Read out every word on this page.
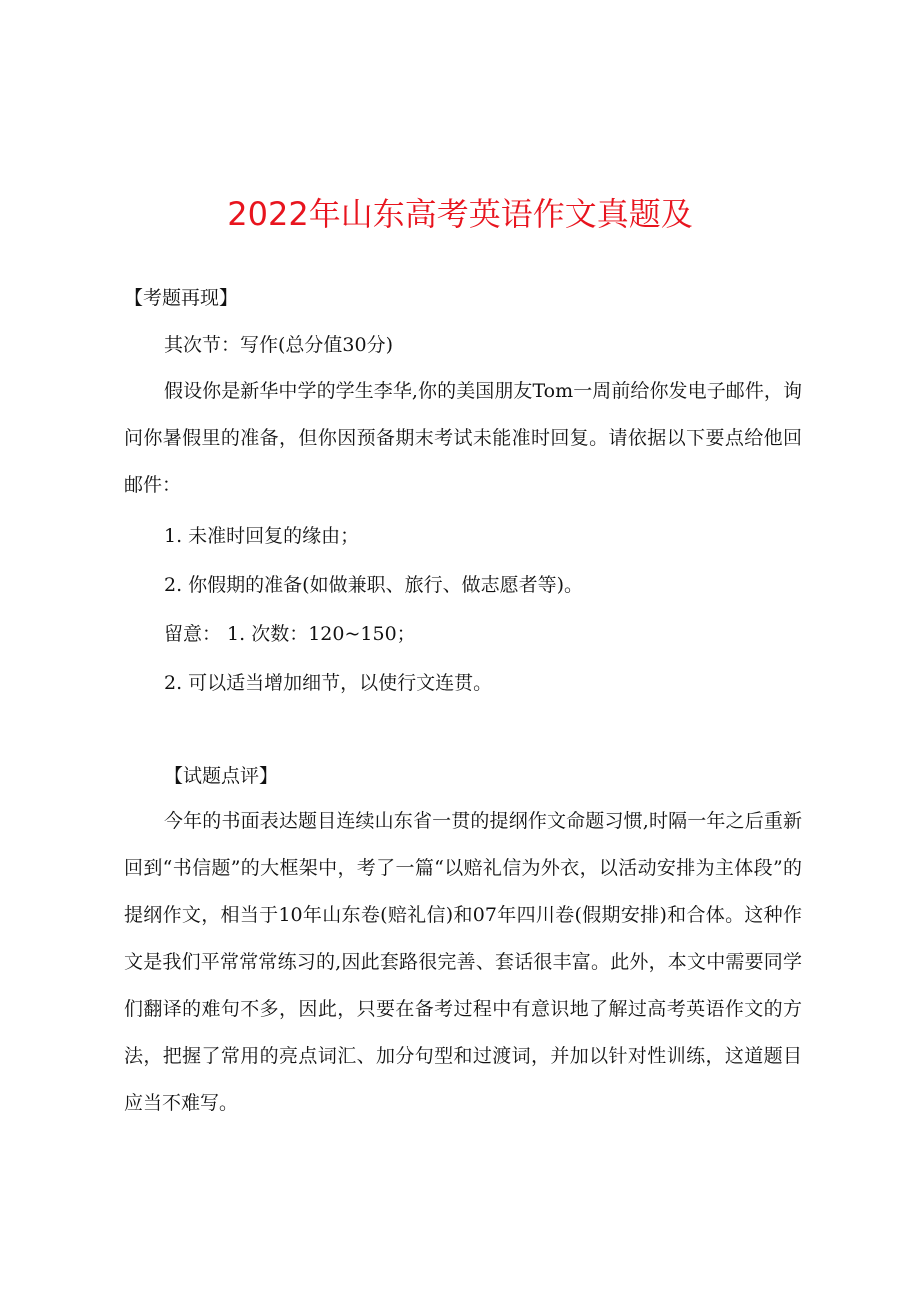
2022年山东高考英语作文真题及
【考题再现】
其次节：写作(总分值30分)
假设你是新华中学的学生李华,你的美国朋友Tom一周前给你发电子邮件，询问你暑假里的准备，但你因预备期末考试未能准时回复。请依据以下要点给他回邮件：
1. 未准时回复的缘由；
2. 你假期的准备(如做兼职、旅行、做志愿者等)。
留意： 1. 次数：120~150；
2. 可以适当增加细节，以使行文连贯。
【试题点评】
今年的书面表达题目连续山东省一贯的提纲作文命题习惯,时隔一年之后重新回到“书信题”的大框架中，考了一篇“以赔礼信为外衣，以活动安排为主体段”的提纲作文，相当于10年山东卷(赔礼信)和07年四川卷(假期安排)和合体。这种作文是我们平常常常练习的,因此套路很完善、套话很丰富。此外，本文中需要同学们翻译的难句不多，因此，只要在备考过程中有意识地了解过高考英语作文的方法，把握了常用的亮点词汇、加分句型和过渡词，并加以针对性训练，这道题目应当不难写。
